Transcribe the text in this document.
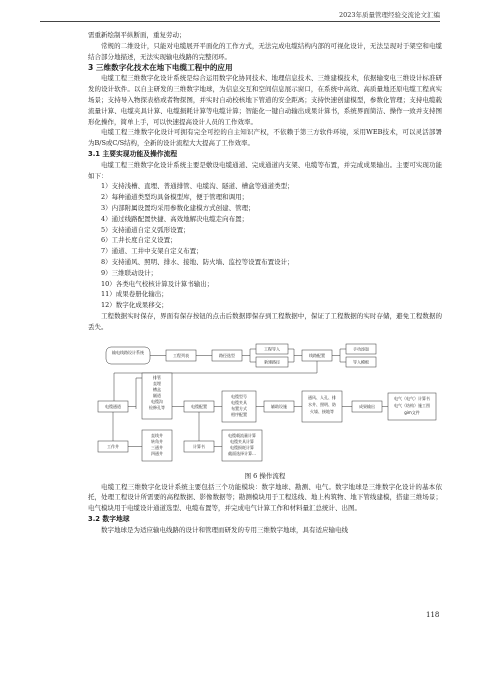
2023年质量管理经验交流论文汇编

需重新绘制平纵断面，重复劳动；

常规的二维设计，只能对电缆展开平面化的工作方式，无法完成电缆结构内部的可视化设计，无法呈现对于架空和电缆结合部分地描述，无法实现输电线路的完整闭环。

3 三维数字化技术在地下电缆工程中的应用

电缆工程三维数字化设计系统是综合运用数字化协同技术、地理信息技术、三维建模技术，依据输变电三维设计标准研发的设计软件。以自主研发的三维数字地球，为信息交互和空间信息展示窗口，在系统中高效、高质量地还原电缆工程真实场景；支持导入物探表格或者物探图，并实时自动校核地下管道的安全距离；支持快速创建模型，参数化管理；支持电缆载流量计算、电缆夹具计算、电缆损耗计算等电缆计算；智能化一键自动输出成果计算书，系统界面简洁、操作一致并支持图形化操作，简单上手，可以快速提高设计人员的工作效率。

电缆工程三维数字化设计可拥有完全可控的自主知识产权，不依赖于第三方软件环境，采用WEB技术，可以灵活部署为B/S或C/S结构，全新的设计流程大大提高了工作效率。

3.1 主要实现功能及操作流程

电缆工程三维数字化设计系统主要是敷设电缆通道、完成通道内支架、电缆等布置，并完成成果输出。主要可实现功能如下：

1）支持浅槽、直埋、普通排管、电缆沟、隧道、槽盒等通道类型；

2）每种通道类型均具备模型库，便于管理和调用；

3）内部附属设置均采用参数化建模方式创建、管理；

4）通过线路配置快捷、高效地解决电缆走向布置；

5）支持通道自定义弧形设置；

6）工井长度自定义设置；

7）通道、工井中支架自定义布置；

8）支持通风、照明、排水、接地、防火墙、监控等设置布置设计；

9）三维联动设计；

10）各类电气校核计算及计算书输出；

11）成果卷册化输出；

12）数字化成果移交；

工程数据实时保存，界面有保存按钮的点击后数据即保存到工程数据中，保证了工程数据的实时存储，避免工程数据的丢失。

输电线路设计系统
工程列表	路径选型
工程导入
新建路径
线路配置
手动添加
导入模板
电缆通道
排管
直埋
槽盒
隧道
电缆沟
检修孔等	电缆配置
电缆型号
电缆夹具
布置方式
相序配置
辅助设施
通风、人孔、排
水井、照明、防
火墙、接地等
成果输出
电气（电气）计算书
电气（结构）施工图
gim文件
工作井
直线井
转角井
三通井
四通井
计算书
电缆载流量计算
电缆夹具计算
电缆损耗计算
截面选择计算...

图 6 操作流程

电缆工程三维数字化设计系统主要包括三个功能模块：数字地球、勘测、电气。数字地球是三维数字化设计的基本依托，处理工程设计所需要的高程数据、影像数据等；勘测模块用于工程选线、地上构筑物、地下管线建模，搭建三维场景；电气模块用于电缆设计通道选型、电缆布置等，并完成电气计算工作和材料量汇总统计、出图。

3.2 数字地球

数字地球是为适应输电线路的设计和管理而研发的专用三维数字地球，具有适应输电线

118
